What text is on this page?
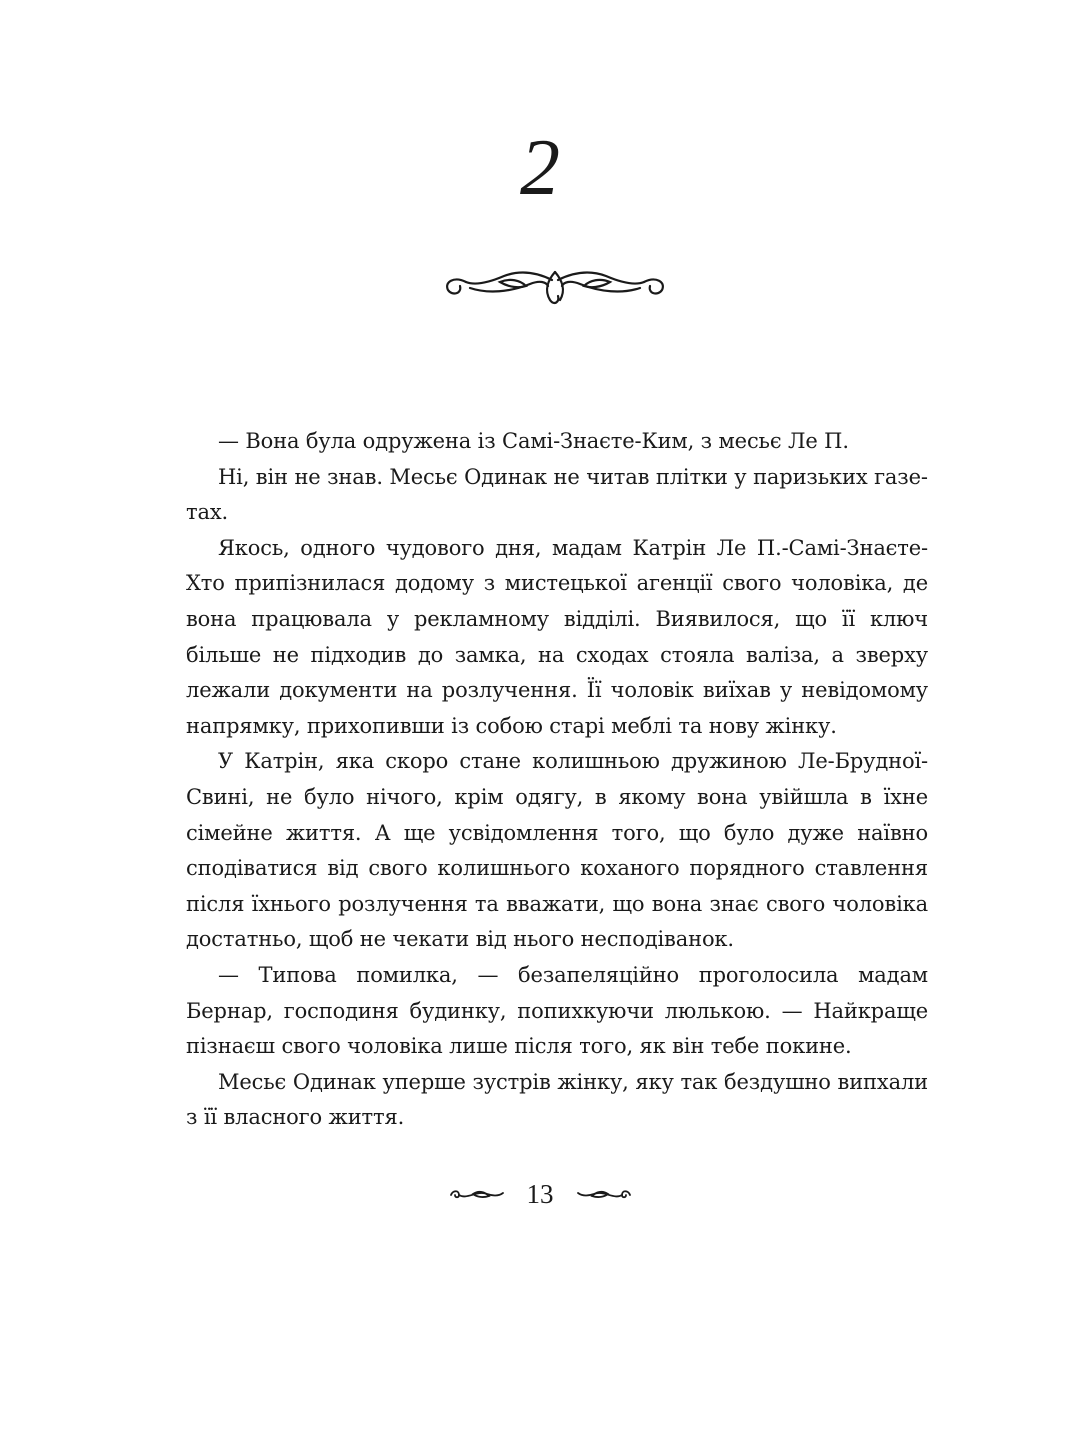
2

— Вона була одружена із Самі-Знаєте-Ким, з месьє Ле П.

Ні, він не знав. Месьє Одинак не читав плітки у паризьких газетах.

Якось, одного чудового дня, мадам Катрін Ле П.-Самі-Знаєте-Хто припізнилася додому з мистецької агенції свого чоловіка, де вона працювала у рекламному відділі. Виявилося, що її ключ більше не підходив до замка, на сходах стояла валіза, а зверху лежали документи на розлучення. Її чоловік виїхав у невідомому напрямку, прихопивши із собою старі меблі та нову жінку.

У Катрін, яка скоро стане колишньою дружиною Ле-Брудної-Свині, не було нічого, крім одягу, в якому вона увійшла в їхне сімейне життя. А ще усвідомлення того, що було дуже наївно сподіватися від свого колишнього коханого порядного ставлення після їхнього розлучення та вважати, що вона знає свого чоловіка достатньо, щоб не чекати від нього несподіванок.

— Типова помилка, — безапеляційно проголосила мадам Бернар, господиня будинку, попихкуючи люлькою. — Найкраще пізнаєш свого чоловіка лише після того, як він тебе покине.

Месьє Одинак уперше зустрів жінку, яку так бездушно випхали з її власного життя.

13
